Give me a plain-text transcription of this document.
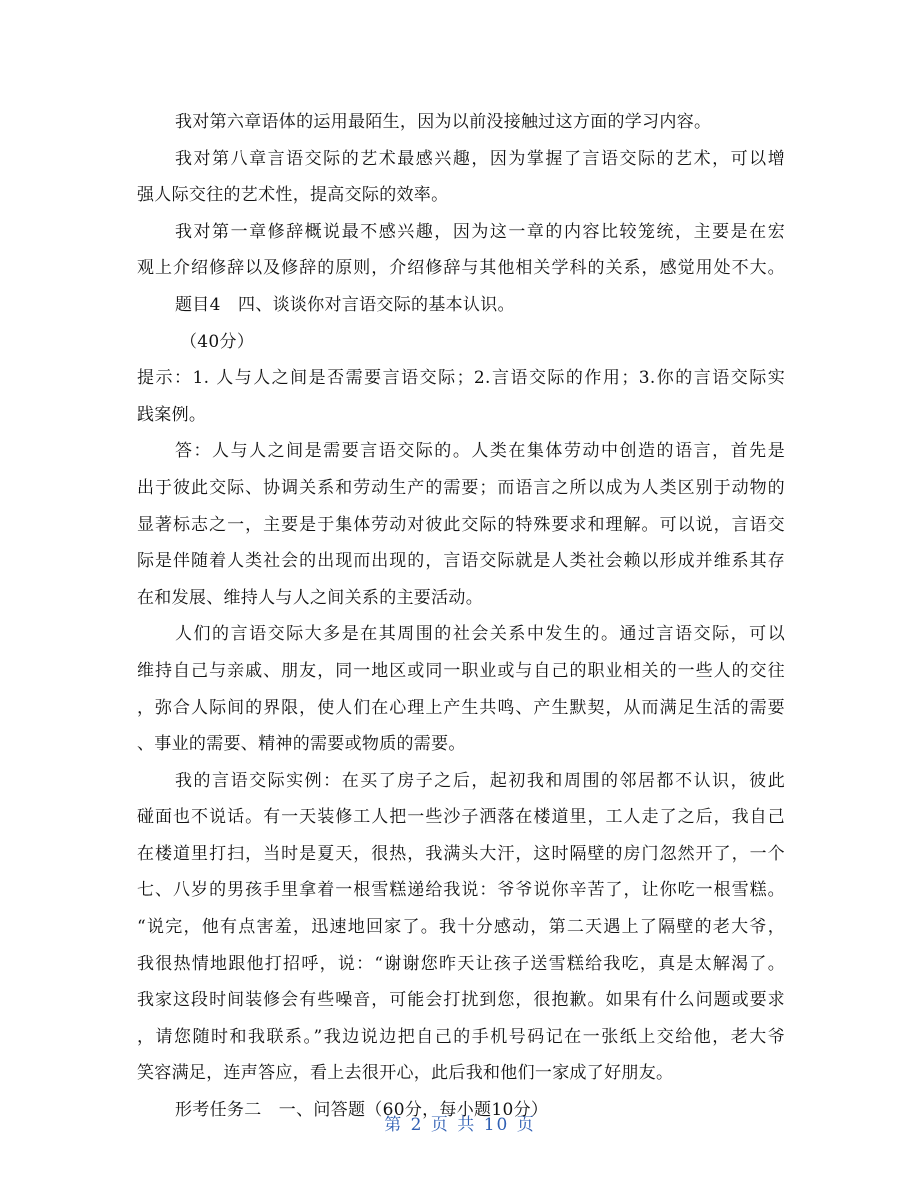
我对第六章语体的运用最陌生，因为以前没接触过这方面的学习内容。
我对第八章言语交际的艺术最感兴趣，因为掌握了言语交际的艺术，可以增
强人际交往的艺术性，提高交际的效率。
我对第一章修辞概说最不感兴趣，因为这一章的内容比较笼统，主要是在宏
观上介绍修辞以及修辞的原则，介绍修辞与其他相关学科的关系，感觉用处不大。
题目4　四、谈谈你对言语交际的基本认识。
（40分）
提示：1. 人与人之间是否需要言语交际；2.言语交际的作用；3.你的言语交际实
践案例。
答：人与人之间是需要言语交际的。人类在集体劳动中创造的语言，首先是
出于彼此交际、协调关系和劳动生产的需要；而语言之所以成为人类区别于动物的
显著标志之一，主要是于集体劳动对彼此交际的特殊要求和理解。可以说，言语交
际是伴随着人类社会的出现而出现的，言语交际就是人类社会赖以形成并维系其存
在和发展、维持人与人之间关系的主要活动。
人们的言语交际大多是在其周围的社会关系中发生的。通过言语交际，可以
维持自己与亲戚、朋友，同一地区或同一职业或与自己的职业相关的一些人的交往
，弥合人际间的界限，使人们在心理上产生共鸣、产生默契，从而满足生活的需要
、事业的需要、精神的需要或物质的需要。
我的言语交际实例：在买了房子之后，起初我和周围的邻居都不认识，彼此
碰面也不说话。有一天装修工人把一些沙子洒落在楼道里，工人走了之后，我自己
在楼道里打扫，当时是夏天，很热，我满头大汗，这时隔壁的房门忽然开了，一个
七、八岁的男孩手里拿着一根雪糕递给我说：爷爷说你辛苦了，让你吃一根雪糕。
“说完，他有点害羞，迅速地回家了。我十分感动，第二天遇上了隔壁的老大爷，
我很热情地跟他打招呼，说：“谢谢您昨天让孩子送雪糕给我吃，真是太解渴了。
我家这段时间装修会有些噪音，可能会打扰到您，很抱歉。如果有什么问题或要求
，请您随时和我联系。”我边说边把自己的手机号码记在一张纸上交给他，老大爷
笑容满足，连声答应，看上去很开心，此后我和他们一家成了好朋友。
形考任务二　一、问答题（60分，每小题10分）
第 2 页 共 10 页
